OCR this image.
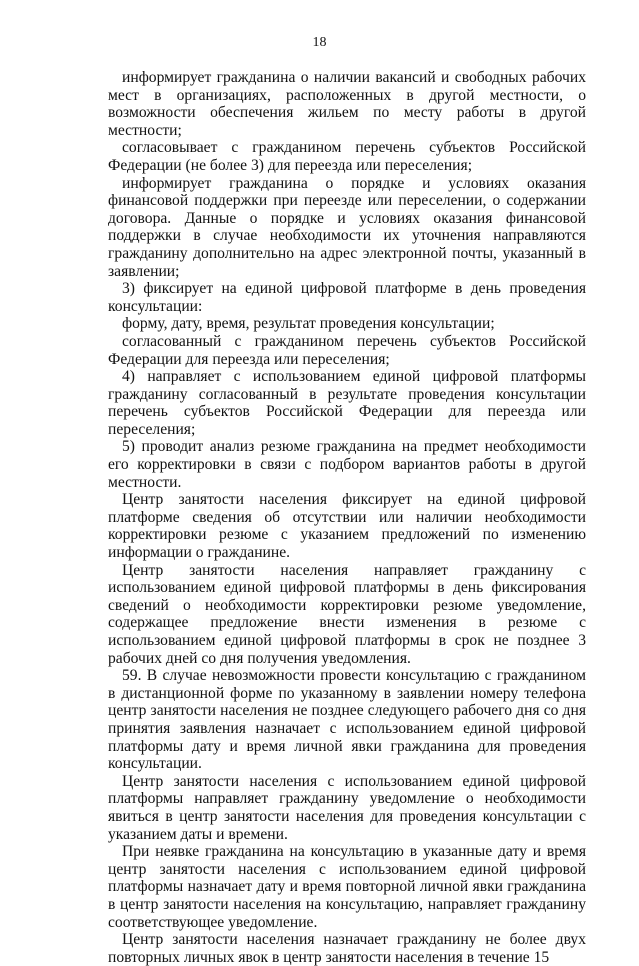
18

информирует гражданина о наличии вакансий и свободных рабочих мест в организациях, расположенных в другой местности, о возможности обеспечения жильем по месту работы в другой местности;

согласовывает с гражданином перечень субъектов Российской Федерации (не более 3) для переезда или переселения;

информирует гражданина о порядке и условиях оказания финансовой поддержки при переезде или переселении, о содержании договора. Данные о порядке и условиях оказания финансовой поддержки в случае необходимости их уточнения направляются гражданину дополнительно на адрес электронной почты, указанный в заявлении;

3) фиксирует на единой цифровой платформе в день проведения консультации:

форму, дату, время, результат проведения консультации;

согласованный с гражданином перечень субъектов Российской Федерации для переезда или переселения;

4) направляет с использованием единой цифровой платформы гражданину согласованный в результате проведения консультации перечень субъектов Российской Федерации для переезда или переселения;

5) проводит анализ резюме гражданина на предмет необходимости его корректировки в связи с подбором вариантов работы в другой местности.

Центр занятости населения фиксирует на единой цифровой платформе сведения об отсутствии или наличии необходимости корректировки резюме с указанием предложений по изменению информации о гражданине.

Центр занятости населения направляет гражданину с использованием единой цифровой платформы в день фиксирования сведений о необходимости корректировки резюме уведомление, содержащее предложение внести изменения в резюме с использованием единой цифровой платформы в срок не позднее 3 рабочих дней со дня получения уведомления.

59. В случае невозможности провести консультацию с гражданином в дистанционной форме по указанному в заявлении номеру телефона центр занятости населения не позднее следующего рабочего дня со дня принятия заявления назначает с использованием единой цифровой платформы дату и время личной явки гражданина для проведения консультации.

Центр занятости населения с использованием единой цифровой платформы направляет гражданину уведомление о необходимости явиться в центр занятости населения для проведения консультации с указанием даты и времени.

При неявке гражданина на консультацию в указанные дату и время центр занятости населения с использованием единой цифровой платформы назначает дату и время повторной личной явки гражданина в центр занятости населения на консультацию, направляет гражданину соответствующее уведомление.

Центр занятости населения назначает гражданину не более двух повторных личных явок в центр занятости населения в течение 15
